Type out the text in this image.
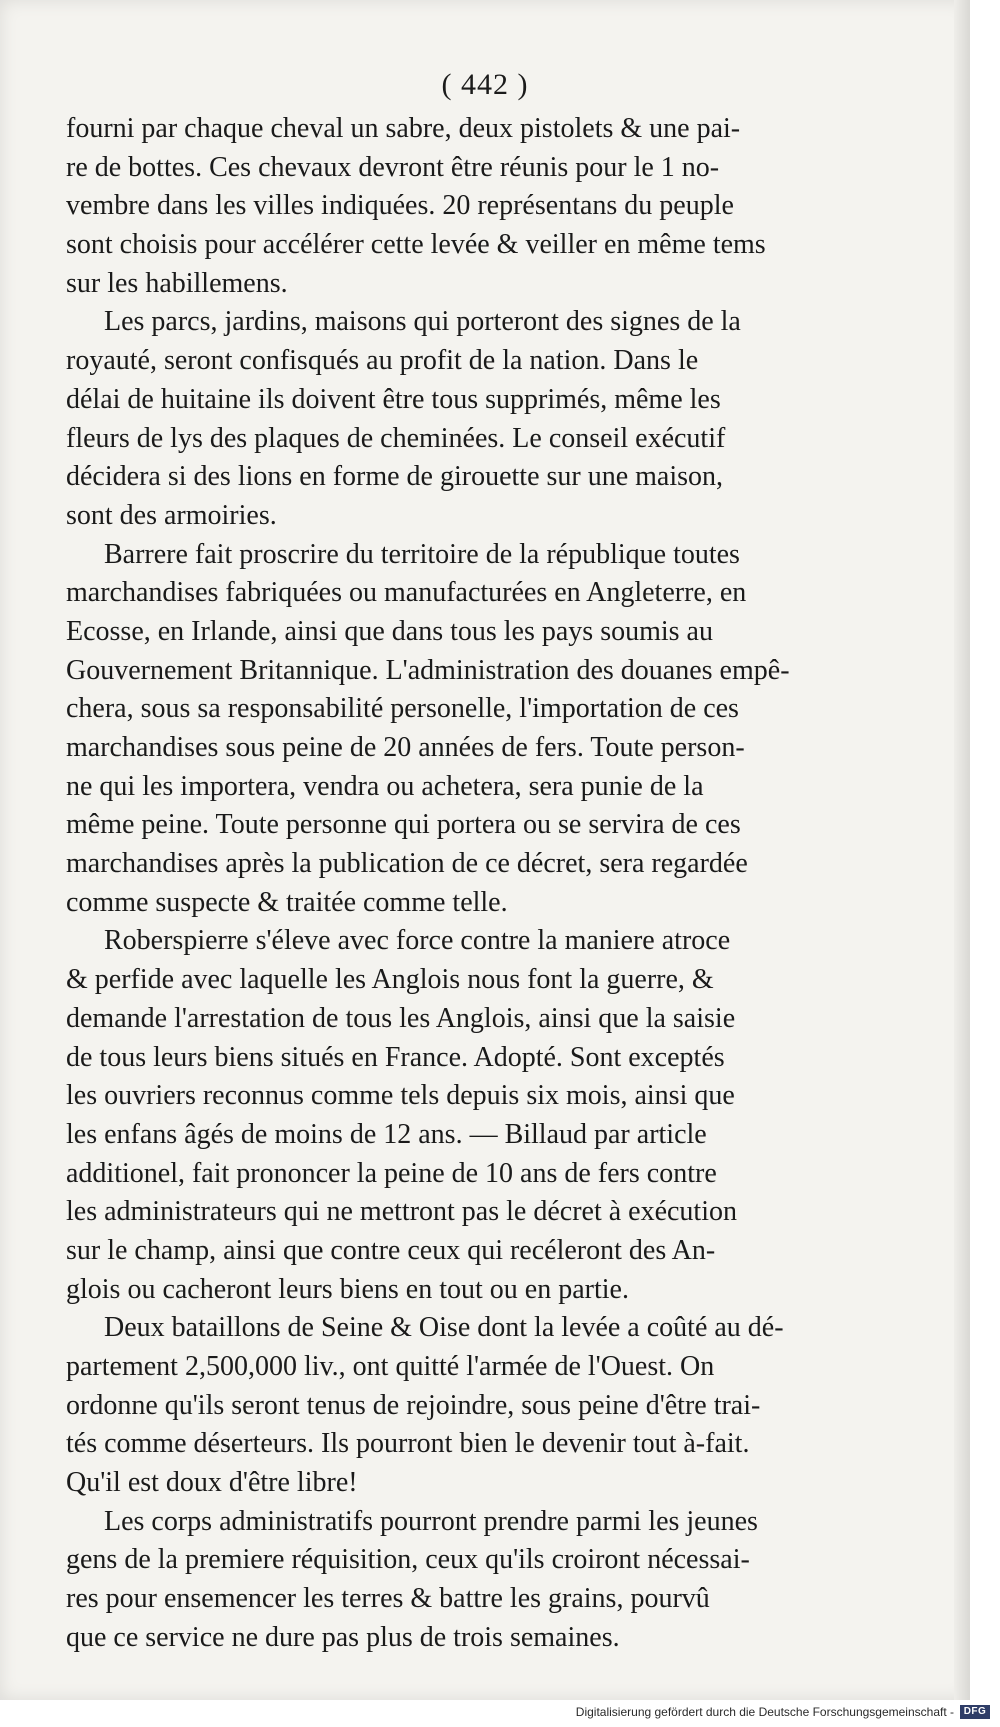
( 442 )
fourni par chaque cheval un sabre, deux pistolets & une pai-
re de bottes. Ces chevaux devront être réunis pour le 1 no-
vembre dans les villes indiquées. 20 représentans du peuple
sont choisis pour accélérer cette levée & veiller en même tems
sur les habillemens.
Les parcs, jardins, maisons qui porteront des signes de la
royauté, seront confisqués au profit de la nation. Dans le
délai de huitaine ils doivent être tous supprimés, même les
fleurs de lys des plaques de cheminées. Le conseil exécutif
décidera si des lions en forme de girouette sur une maison,
sont des armoiries.
Barrere fait proscrire du territoire de la république toutes
marchandises fabriquées ou manufacturées en Angleterre, en
Ecosse, en Irlande, ainsi que dans tous les pays soumis au
Gouvernement Britannique. L'administration des douanes empê-
chera, sous sa responsabilité personelle, l'importation de ces
marchandises sous peine de 20 années de fers. Toute person-
ne qui les importera, vendra ou achetera, sera punie de la
même peine. Toute personne qui portera ou se servira de ces
marchandises après la publication de ce décret, sera regardée
comme suspecte & traitée comme telle.
Roberspierre s'éleve avec force contre la maniere atroce
& perfide avec laquelle les Anglois nous font la guerre, &
demande l'arrestation de tous les Anglois, ainsi que la saisie
de tous leurs biens situés en France. Adopté. Sont exceptés
les ouvriers reconnus comme tels depuis six mois, ainsi que
les enfans âgés de moins de 12 ans. — Billaud par article
additionel, fait prononcer la peine de 10 ans de fers contre
les administrateurs qui ne mettront pas le décret à exécution
sur le champ, ainsi que contre ceux qui recéleront des An-
glois ou cacheront leurs biens en tout ou en partie.
Deux bataillons de Seine & Oise dont la levée a coûté au dé-
partement 2,500,000 liv., ont quitté l'armée de l'Ouest. On
ordonne qu'ils seront tenus de rejoindre, sous peine d'être trai-
tés comme déserteurs. Ils pourront bien le devenir tout à-fait.
Qu'il est doux d'être libre!
Les corps administratifs pourront prendre parmi les jeunes
gens de la premiere réquisition, ceux qu'ils croiront nécessai-
res pour ensemencer les terres & battre les grains, pourvû
que ce service ne dure pas plus de trois semaines.
Digitalisierung gefördert durch die Deutsche Forschungsgemeinschaft - DFG
